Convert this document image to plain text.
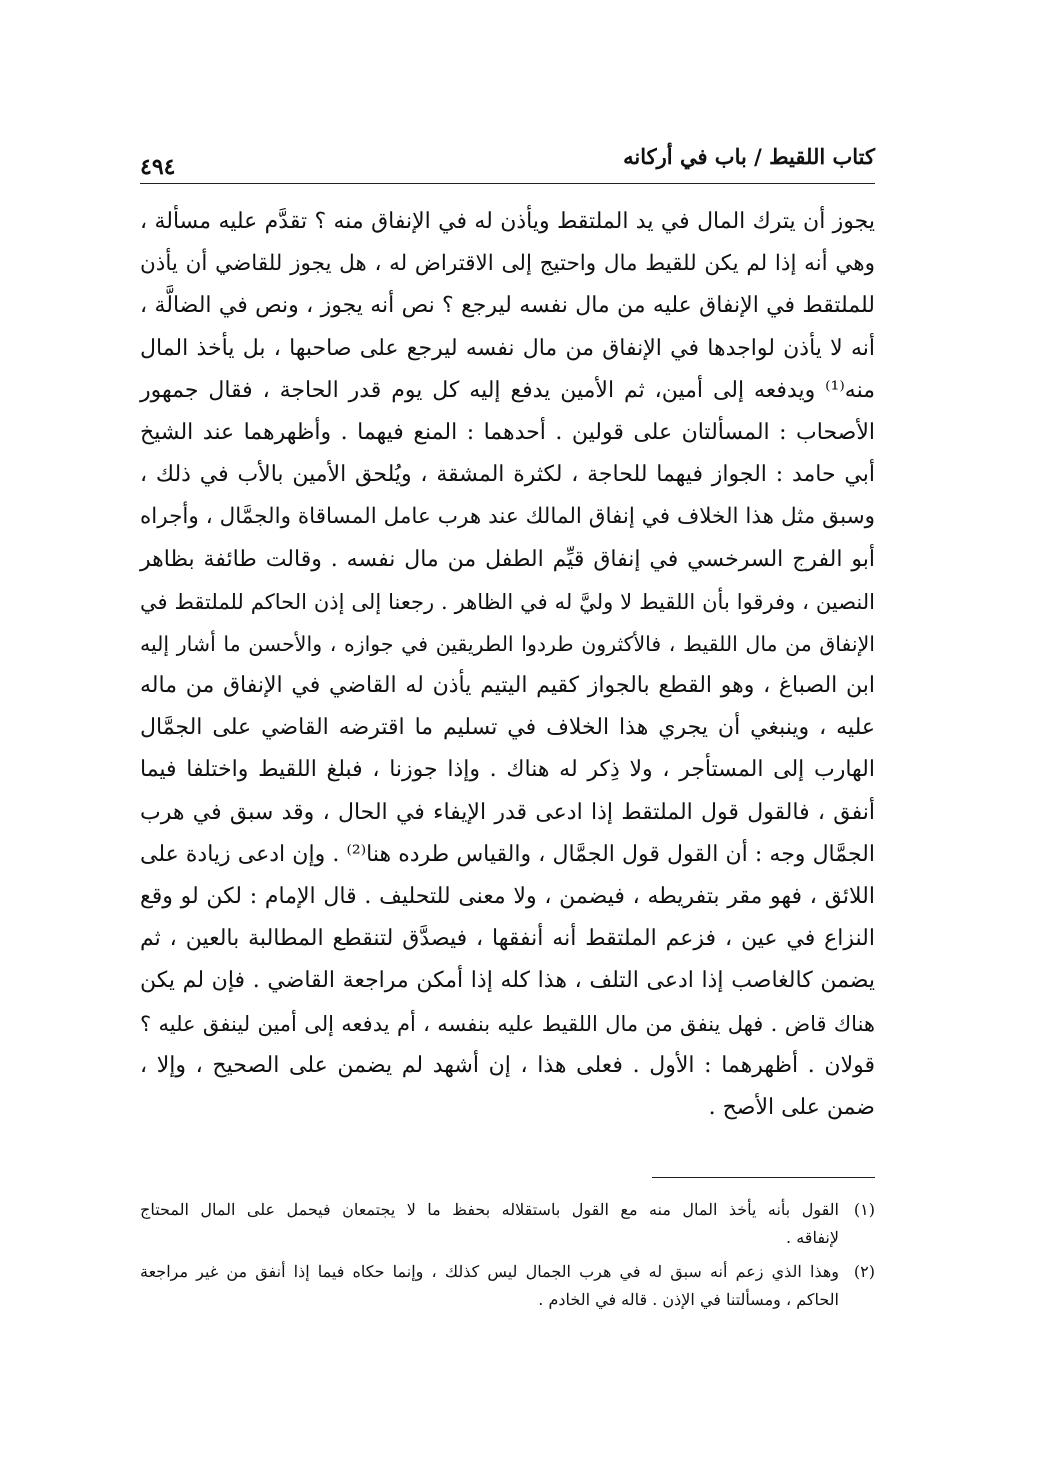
كتاب اللقيط / باب في أركانه
٤٩٤
يجوز أن يترك المال في يد الملتقط ويأذن له في الإنفاق منه ؟ تقدَّم عليه مسألة ،
وهي أنه إذا لم يكن للقيط مال واحتيج إلى الاقتراض له ، هل يجوز للقاضي أن يأذن
للملتقط في الإنفاق عليه من مال نفسه ليرجع ؟ نص أنه يجوز ، ونص في الضالَّة ،
أنه لا يأذن لواجدها في الإنفاق من مال نفسه ليرجع على صاحبها ، بل يأخذ المال
منه⁽¹⁾ ويدفعه إلى أمين، ثم الأمين يدفع إليه كل يوم قدر الحاجة ، فقال جمهور
الأصحاب : المسألتان على قولين . أحدهما : المنع فيهما . وأظهرهما عند الشيخ
أبي حامد : الجواز فيهما للحاجة ، لكثرة المشقة ، ويُلحق الأمين بالأب في ذلك ،
وسبق مثل هذا الخلاف في إنفاق المالك عند هرب عامل المساقاة والجمَّال ، وأجراه
أبو الفرج السرخسي في إنفاق قيِّم الطفل من مال نفسه . وقالت طائفة بظاهر
النصين ، وفرقوا بأن اللقيط لا وليَّ له في الظاهر . رجعنا إلى إذن الحاكم للملتقط في
الإنفاق من مال اللقيط ، فالأكثرون طردوا الطريقين في جوازه ، والأحسن ما أشار إليه
ابن الصباغ ، وهو القطع بالجواز كقيم اليتيم يأذن له القاضي في الإنفاق من ماله
عليه ، وينبغي أن يجري هذا الخلاف في تسليم ما اقترضه القاضي على الجمَّال
الهارب إلى المستأجر ، ولا ذِكر له هناك . وإذا جوزنا ، فبلغ اللقيط واختلفا فيما
أنفق ، فالقول قول الملتقط إذا ادعى قدر الإيفاء في الحال ، وقد سبق في هرب
الجمَّال وجه : أن القول قول الجمَّال ، والقياس طرده هنا⁽²⁾ . وإن ادعى زيادة على
اللائق ، فهو مقر بتفريطه ، فيضمن ، ولا معنى للتحليف . قال الإمام : لكن لو وقع
النزاع في عين ، فزعم الملتقط أنه أنفقها ، فيصدَّق لتنقطع المطالبة بالعين ، ثم
يضمن كالغاصب إذا ادعى التلف ، هذا كله إذا أمكن مراجعة القاضي . فإن لم يكن
هناك قاض . فهل ينفق من مال اللقيط عليه بنفسه ، أم يدفعه إلى أمين لينفق عليه ؟
قولان . أظهرهما : الأول . فعلى هذا ، إن أشهد لم يضمن على الصحيح ، وإلا ،
ضمن على الأصح .
(١)
القول بأنه يأخذ المال منه مع القول باستقلاله بحفظ ما لا يجتمعان فيحمل على المال المحتاج
لإنفاقه .
(٢)
وهذا الذي زعم أنه سبق له في هرب الجمال ليس كذلك ، وإنما حكاه فيما إذا أنفق من غير مراجعة
الحاكم ، ومسألتنا في الإذن . قاله في الخادم .
